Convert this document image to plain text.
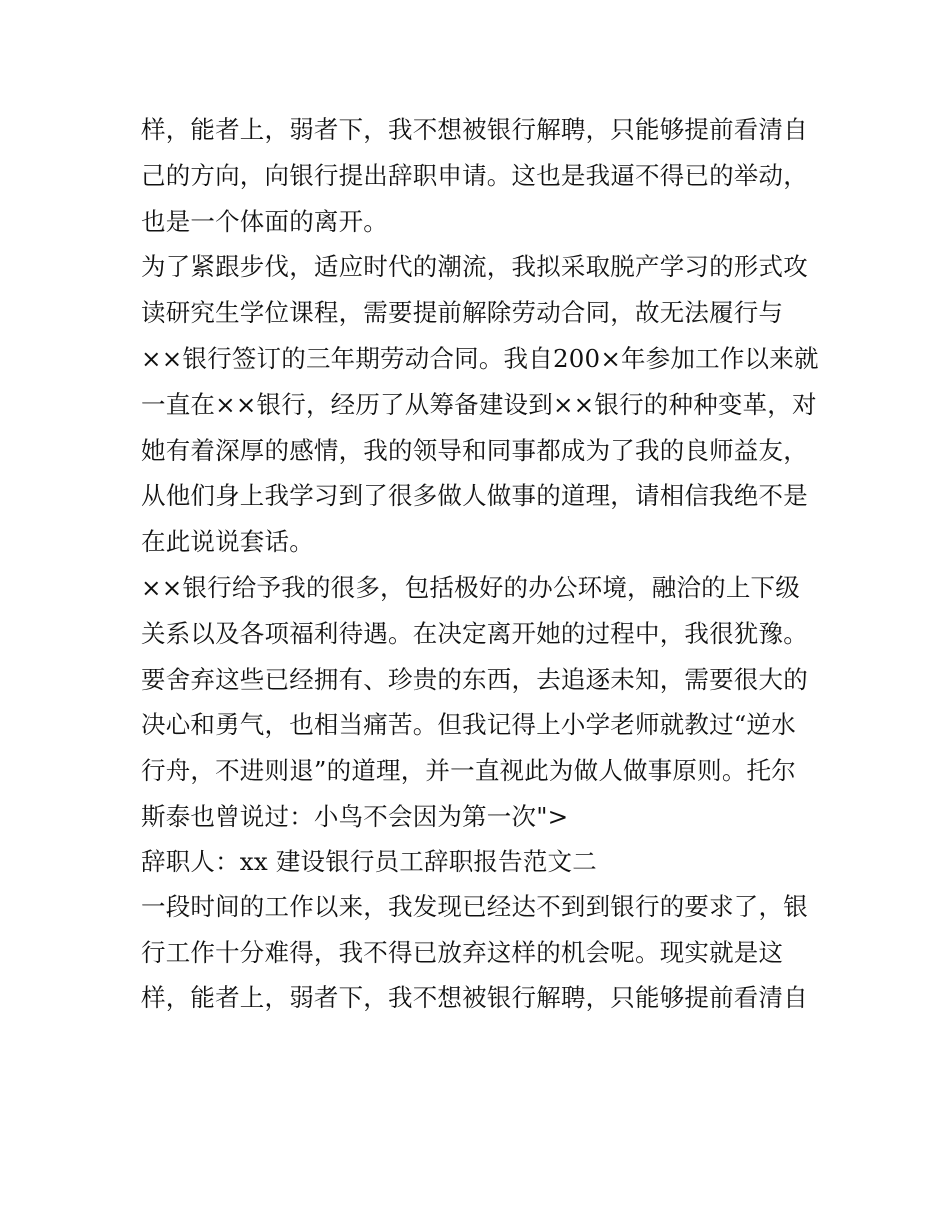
样，能者上，弱者下，我不想被银行解聘，只能够提前看清自
己的方向，向银行提出辞职申请。这也是我逼不得已的举动，
也是一个体面的离开。
为了紧跟步伐，适应时代的潮流，我拟采取脱产学习的形式攻
读研究生学位课程，需要提前解除劳动合同，故无法履行与
××银行签订的三年期劳动合同。我自200×年参加工作以来就
一直在××银行，经历了从筹备建设到××银行的种种变革，对
她有着深厚的感情，我的领导和同事都成为了我的良师益友，
从他们身上我学习到了很多做人做事的道理，请相信我绝不是
在此说说套话。
××银行给予我的很多，包括极好的办公环境，融洽的上下级
关系以及各项福利待遇。在决定离开她的过程中，我很犹豫。
要舍弃这些已经拥有、珍贵的东西，去追逐未知，需要很大的
决心和勇气，也相当痛苦。但我记得上小学老师就教过“逆水
行舟，不进则退”的道理，并一直视此为做人做事原则。托尔
斯泰也曾说过：小鸟不会因为第一次">
辞职人：xx 建设银行员工辞职报告范文二
一段时间的工作以来，我发现已经达不到到银行的要求了，银
行工作十分难得，我不得已放弃这样的机会呢。现实就是这
样，能者上，弱者下，我不想被银行解聘，只能够提前看清自
